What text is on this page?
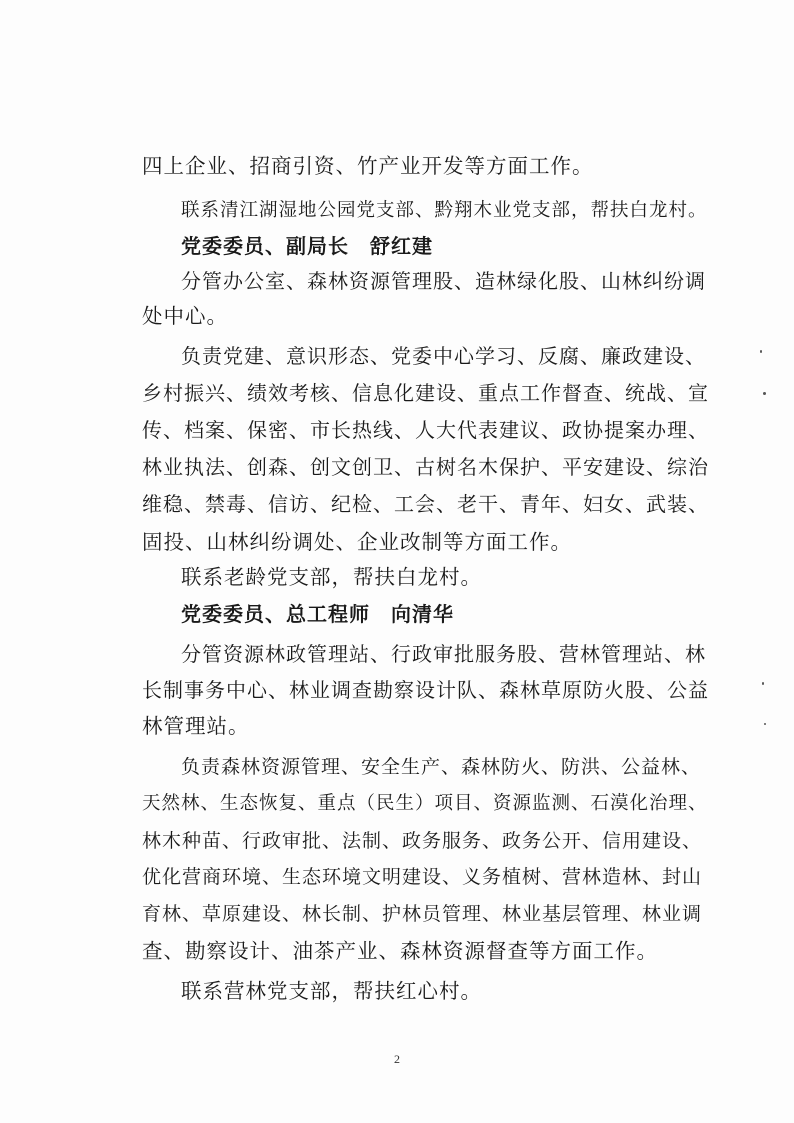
四上企业、招商引资、竹产业开发等方面工作。
联系清江湖湿地公园党支部、黔翔木业党支部，帮扶白龙村。
党委委员、副局长　舒红建
分管办公室、森林资源管理股、造林绿化股、山林纠纷调
处中心。
负责党建、意识形态、党委中心学习、反腐、廉政建设、
乡村振兴、绩效考核、信息化建设、重点工作督查、统战、宣
传、档案、保密、市长热线、人大代表建议、政协提案办理、
林业执法、创森、创文创卫、古树名木保护、平安建设、综治
维稳、禁毒、信访、纪检、工会、老干、青年、妇女、武装、
固投、山林纠纷调处、企业改制等方面工作。
联系老龄党支部，帮扶白龙村。
党委委员、总工程师　向清华
分管资源林政管理站、行政审批服务股、营林管理站、林
长制事务中心、林业调查勘察设计队、森林草原防火股、公益
林管理站。
负责森林资源管理、安全生产、森林防火、防洪、公益林、
天然林、生态恢复、重点（民生）项目、资源监测、石漠化治理、
林木种苗、行政审批、法制、政务服务、政务公开、信用建设、
优化营商环境、生态环境文明建设、义务植树、营林造林、封山
育林、草原建设、林长制、护林员管理、林业基层管理、林业调
查、勘察设计、油茶产业、森林资源督查等方面工作。
联系营林党支部，帮扶红心村。
2
